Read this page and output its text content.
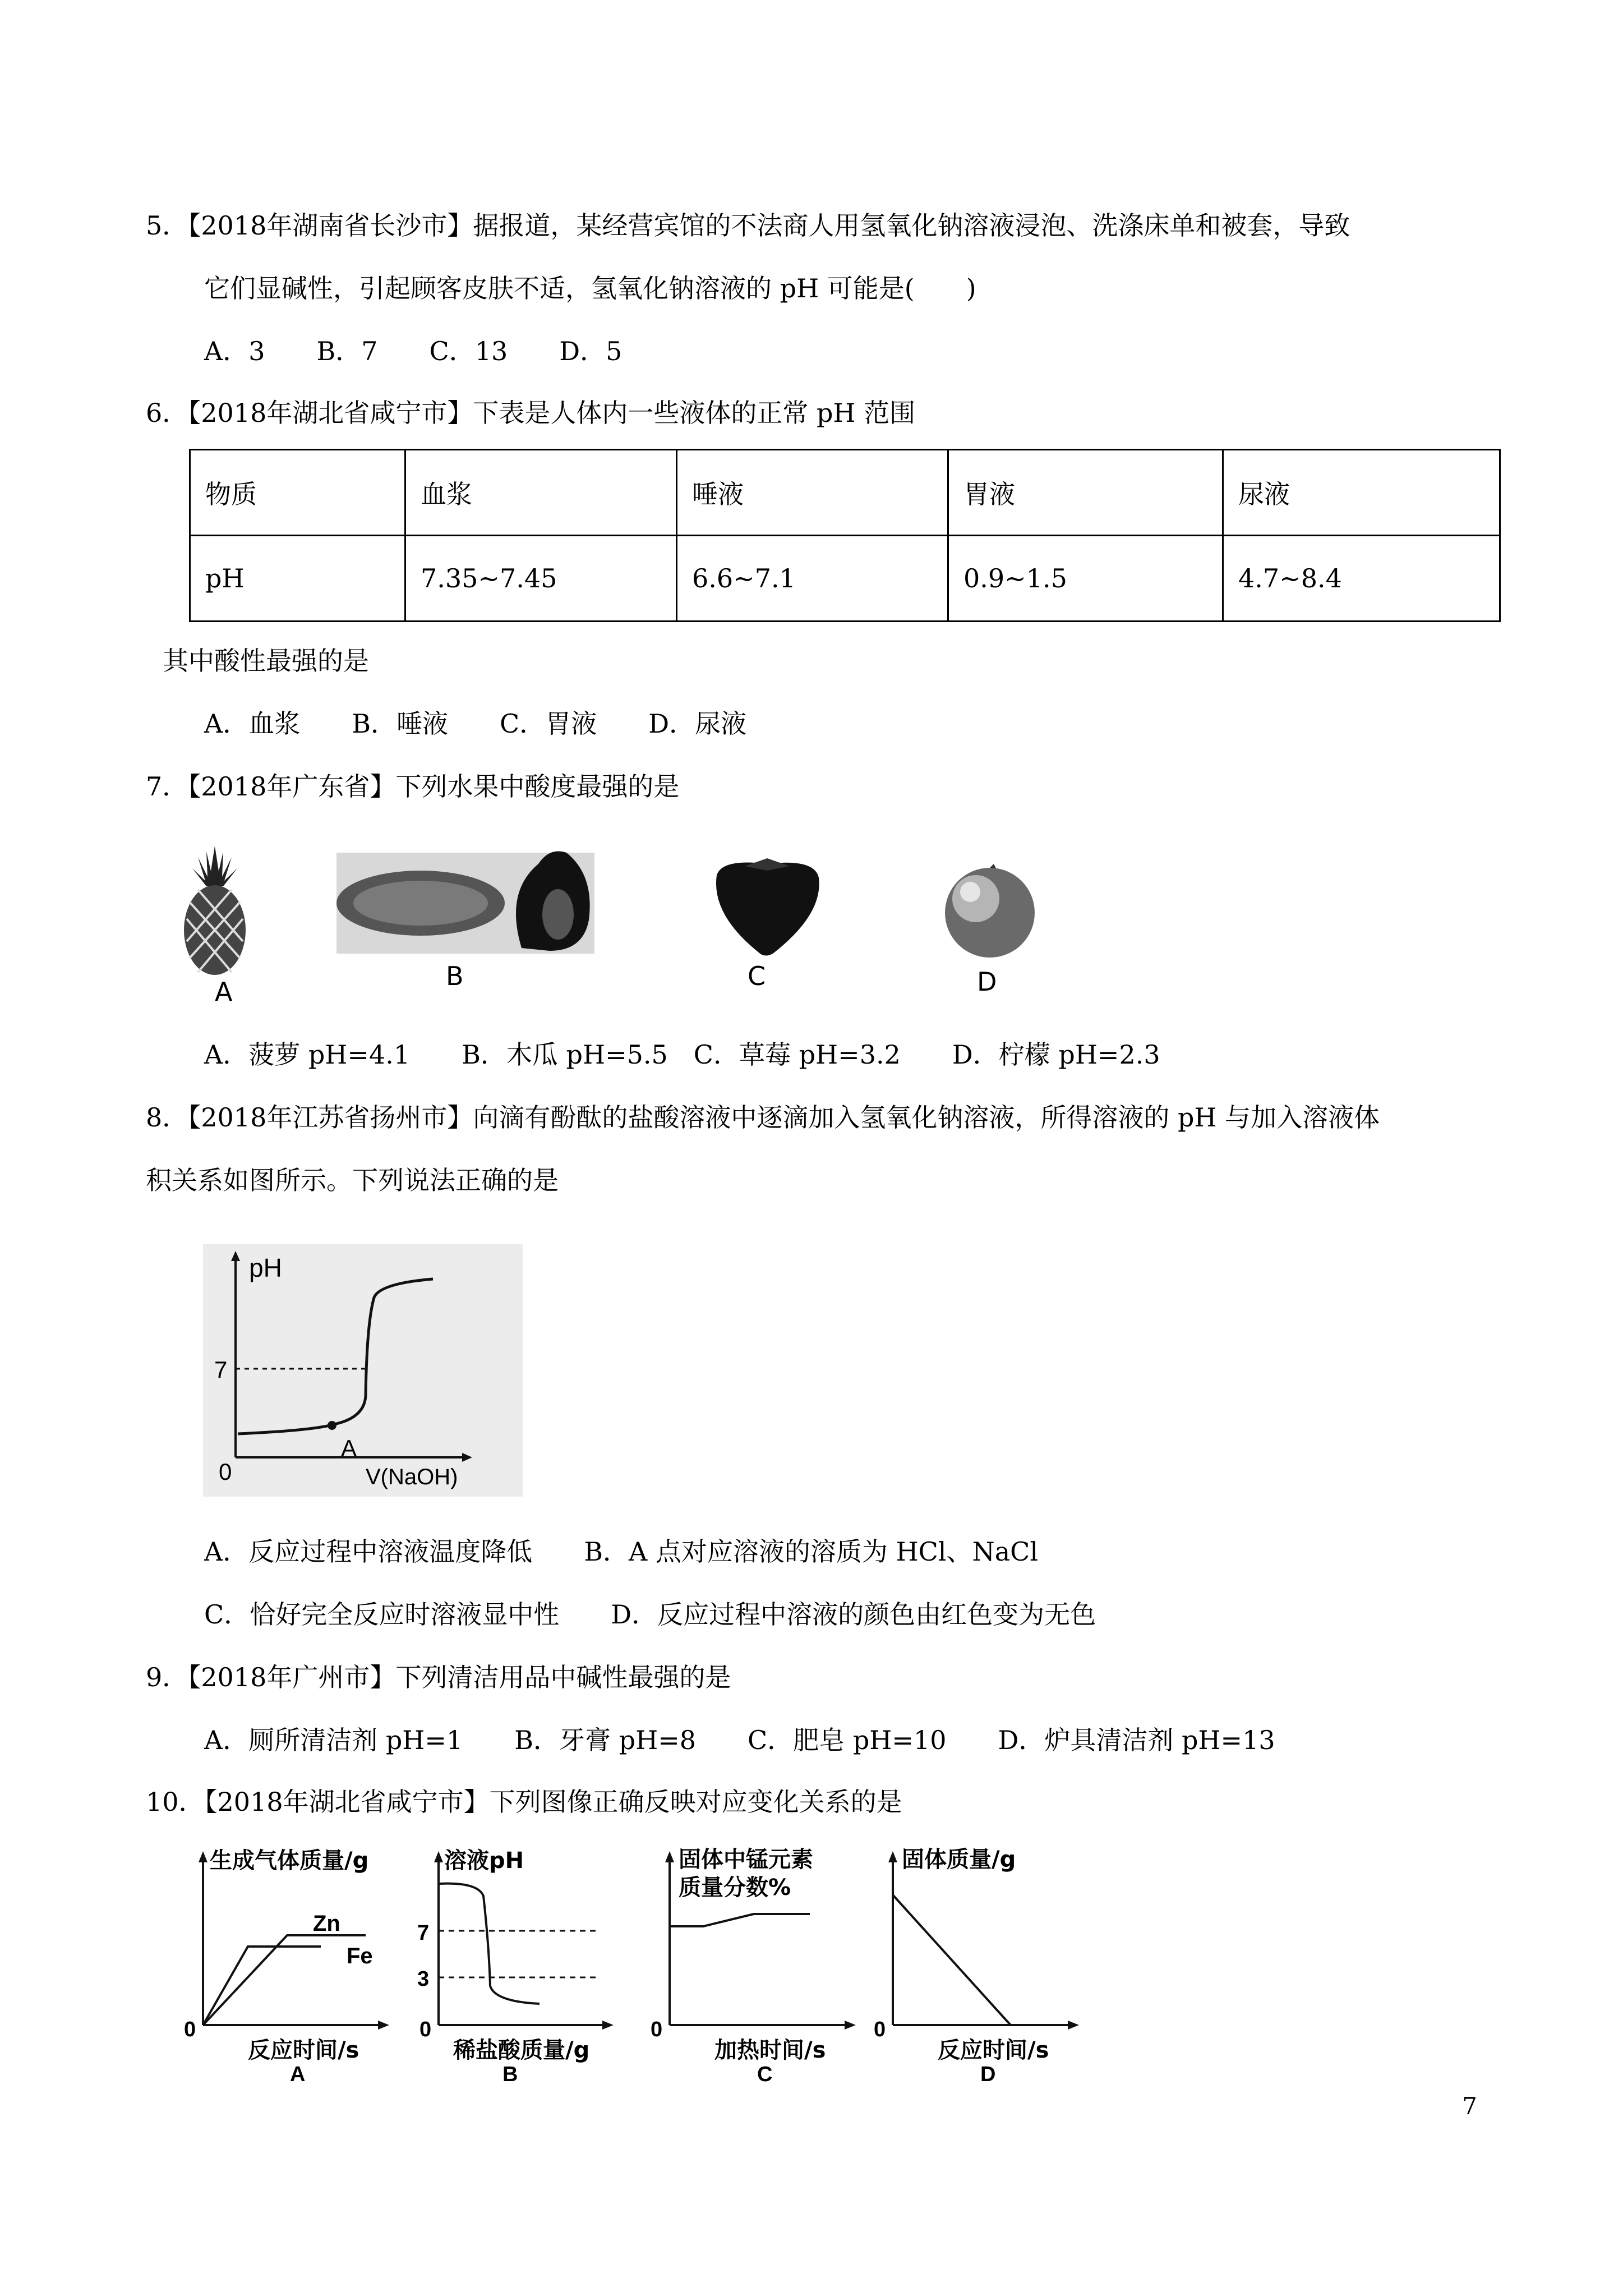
5．【2018年湖南省长沙市】据报道，某经营宾馆的不法商人用氢氧化钠溶液浸泡、洗涤床单和被套，导致
它们显碱性，引起顾客皮肤不适，氢氧化钠溶液的 pH 可能是(　　)
A．3　　B．7　　C．13　　D．5
6．【2018年湖北省咸宁市】下表是人体内一些液体的正常 pH 范围
物质	血浆	唾液	胃液	尿液
pH	7.35~7.45	6.6~7.1	0.9~1.5	4.7~8.4
其中酸性最强的是
A．血浆　　B．唾液　　C．胃液　　D．尿液
7．【2018年广东省】下列水果中酸度最强的是
A
B	C	D
A．菠萝 pH=4.1　　B．木瓜 pH=5.5　C．草莓 pH=3.2　　D．柠檬 pH=2.3
8．【2018年江苏省扬州市】向滴有酚酞的盐酸溶液中逐滴加入氢氧化钠溶液，所得溶液的 pH 与加入溶液体
积关系如图所示。下列说法正确的是
pH
7
0
A
V(NaOH)
A．反应过程中溶液温度降低　　B．A 点对应溶液的溶质为 HCl、NaCl
C．恰好完全反应时溶液显中性　　D．反应过程中溶液的颜色由红色变为无色
9．【2018年广州市】下列清洁用品中碱性最强的是
A．厕所清洁剂 pH=1　　B．牙膏 pH=8　　C．肥皂 pH=10　　D．炉具清洁剂 pH=13
10．【2018年湖北省咸宁市】下列图像正确反映对应变化关系的是
生成气体质量/g
Zn
Fe
0
反应时间/s
A
溶液pH
7
3
0
稀盐酸质量/g
B
固体中锰元素
质量分数%
0
加热时间/s
C
固体质量/g
0
反应时间/s
D
7
